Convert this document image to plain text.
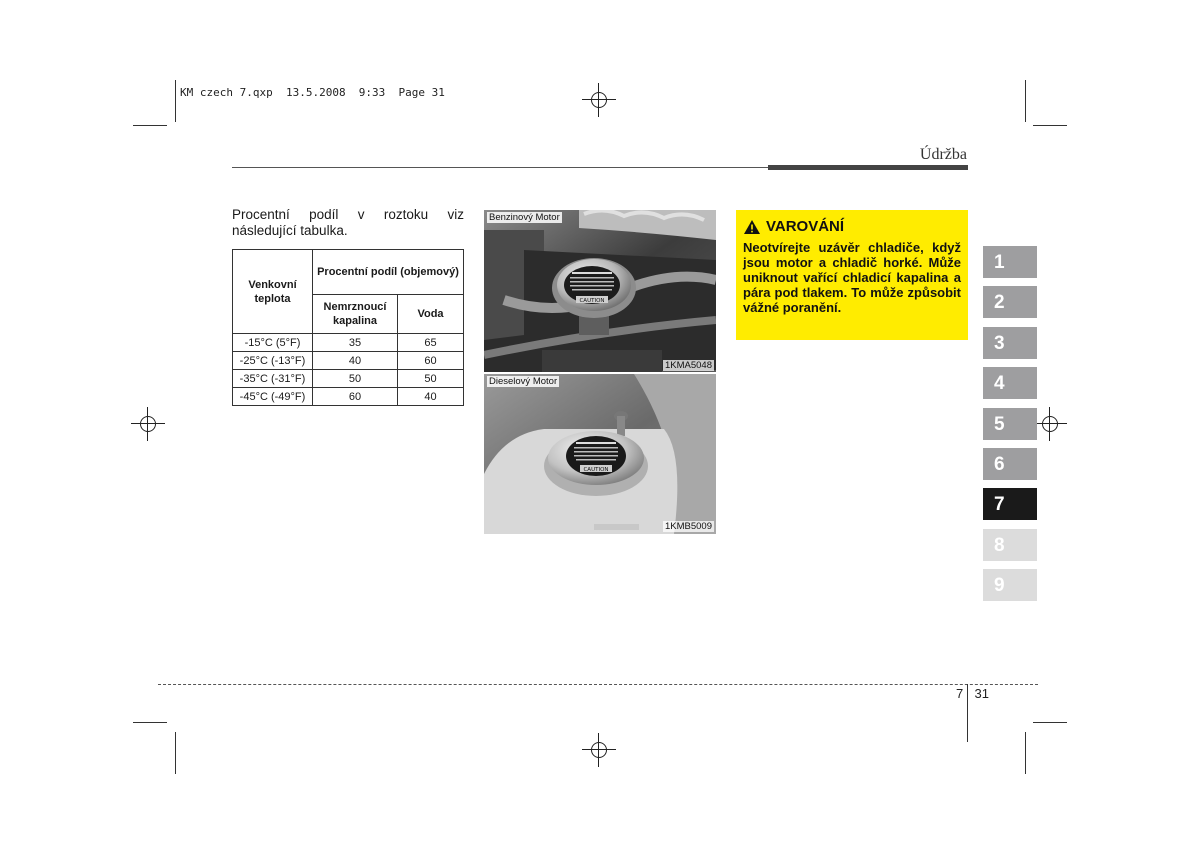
KM czech 7.qxp  13.5.2008  9:33  Page 31
Údržba
Procentní podíl v roztoku viz následující tabulka.
Venkovní teplota	Procentní podíl (objemový)	
	Nemrznoucí kapalina	Voda
-15°C (5°F)	35	65
-25°C (-13°F)	40	60
-35°C (-31°F)	50	50
-45°C (-49°F)	60	40
CAUTION
Benzinový Motor
1KMA5048
CAUTION
Dieselový Motor
1KMB5009
VAROVÁNÍ
Neotvírejte uzávěr chladiče, když jsou motor a chladič horké. Může uniknout vařící chladicí kapalina a pára pod tlakem. To může způsobit vážné poranění.
1
2
3
4
5
6
7
8
9
7 31
